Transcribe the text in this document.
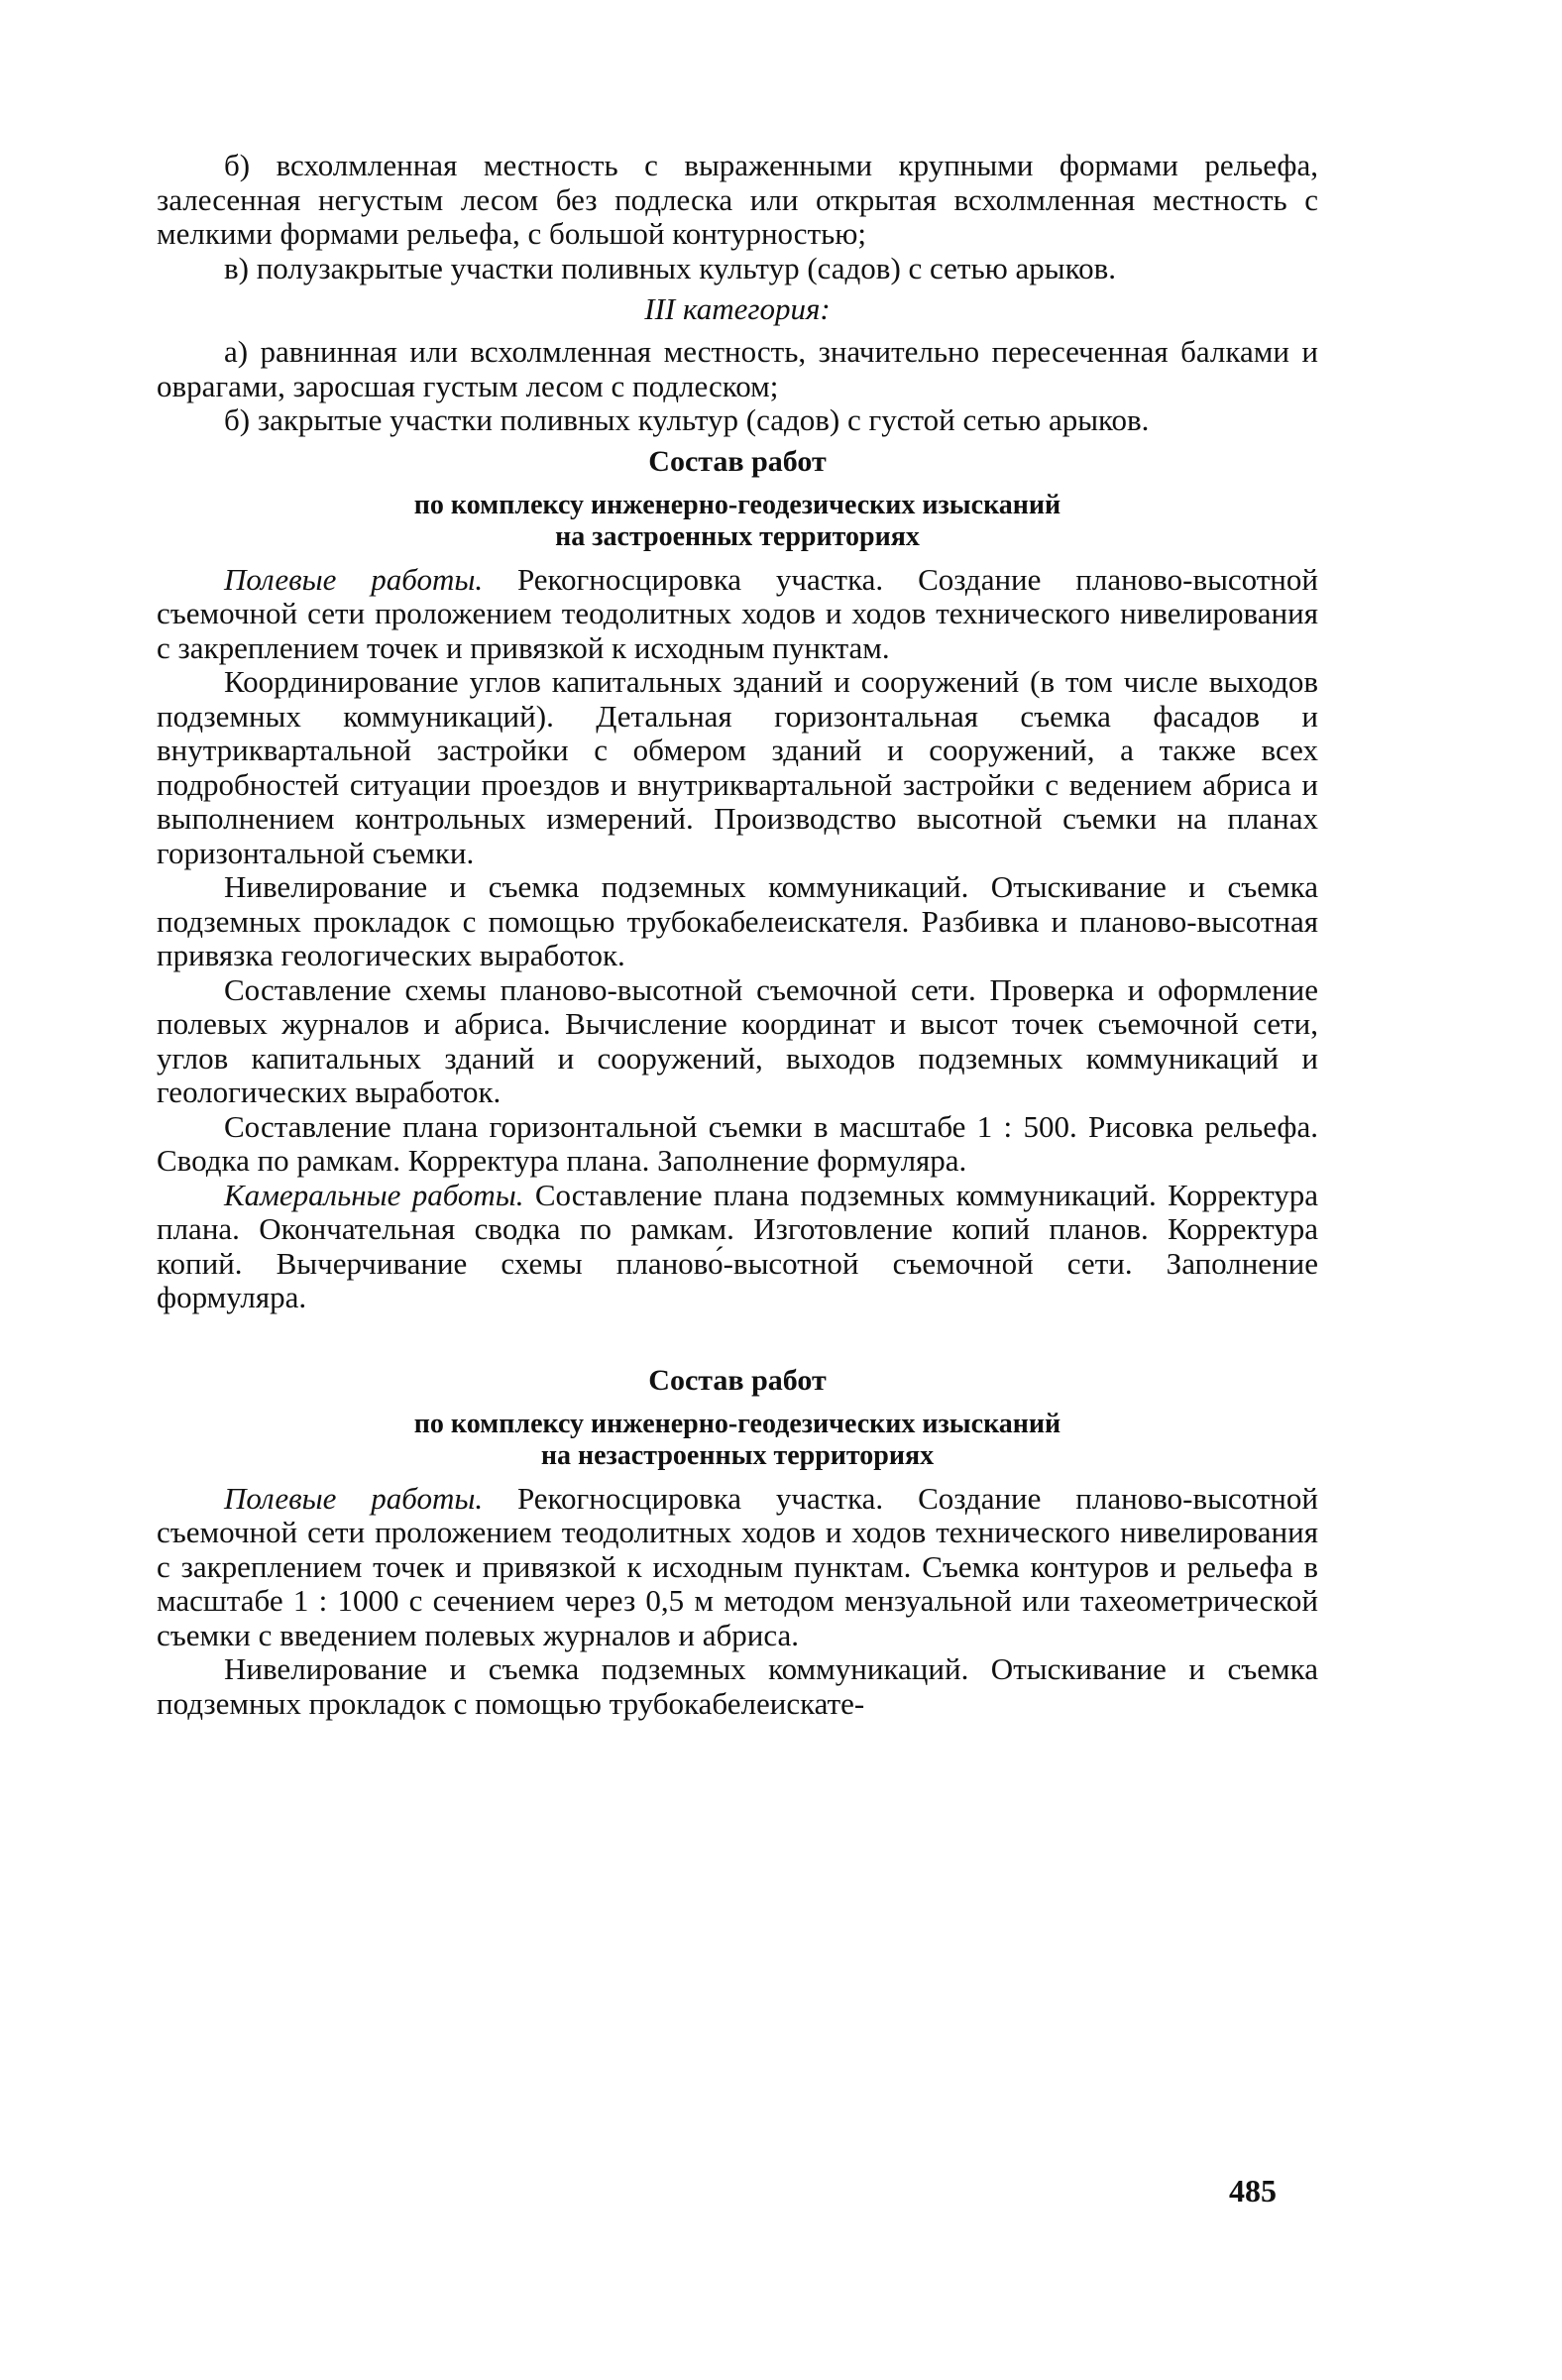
б) всхолмленная местность с выраженными крупными формами рельефа, залесенная негустым лесом без подлеска или открытая всхолмленная местность с мелкими формами рельефа, с большой контурностью;

в) полузакрытые участки поливных культур (садов) с сетью арыков.

III категория:

а) равнинная или всхолмленная местность, значительно пересеченная балками и оврагами, заросшая густым лесом с подлеском;

б) закрытые участки поливных культур (садов) с густой сетью арыков.

Состав работ
по комплексу инженерно-геодезических изысканий
на застроенных территориях

Полевые работы. Рекогносцировка участка. Создание планово-высотной съемочной сети проложением теодолитных ходов и ходов технического нивелирования с закреплением точек и привязкой к исходным пунктам.

Координирование углов капитальных зданий и сооружений (в том числе выходов подземных коммуникаций). Детальная горизонтальная съемка фасадов и внутриквартальной застройки с обмером зданий и сооружений, а также всех подробностей ситуации проездов и внутриквартальной застройки с ведением абриса и выполнением контрольных измерений. Производство высотной съемки на планах горизонтальной съемки.

Нивелирование и съемка подземных коммуникаций. Отыскивание и съемка подземных прокладок с помощью трубокабелеискателя. Разбивка и планово-высотная привязка геологических выработок.

Составление схемы планово-высотной съемочной сети. Проверка и оформление полевых журналов и абриса. Вычисление координат и высот точек съемочной сети, углов капитальных зданий и сооружений, выходов подземных коммуникаций и геологических выработок.

Составление плана горизонтальной съемки в масштабе 1 : 500. Рисовка рельефа. Сводка по рамкам. Корректура плана. Заполнение формуляра.

Камеральные работы. Составление плана подземных коммуникаций. Корректура плана. Окончательная сводка по рамкам. Изготовление копий планов. Корректура копий. Вычерчивание схемы планово́-высотной съемочной сети. Заполнение формуляра.

Состав работ
по комплексу инженерно-геодезических изысканий
на незастроенных территориях

Полевые работы. Рекогносцировка участка. Создание планово-высотной съемочной сети проложением теодолитных ходов и ходов технического нивелирования с закреплением точек и привязкой к исходным пунктам. Съемка контуров и рельефа в масштабе 1 : 1000 с сечением через 0,5 м методом мензуальной или тахеометрической съемки с введением полевых журналов и абриса.

Нивелирование и съемка подземных коммуникаций. Отыскивание и съемка подземных прокладок с помощью трубокабелеискате-

485
